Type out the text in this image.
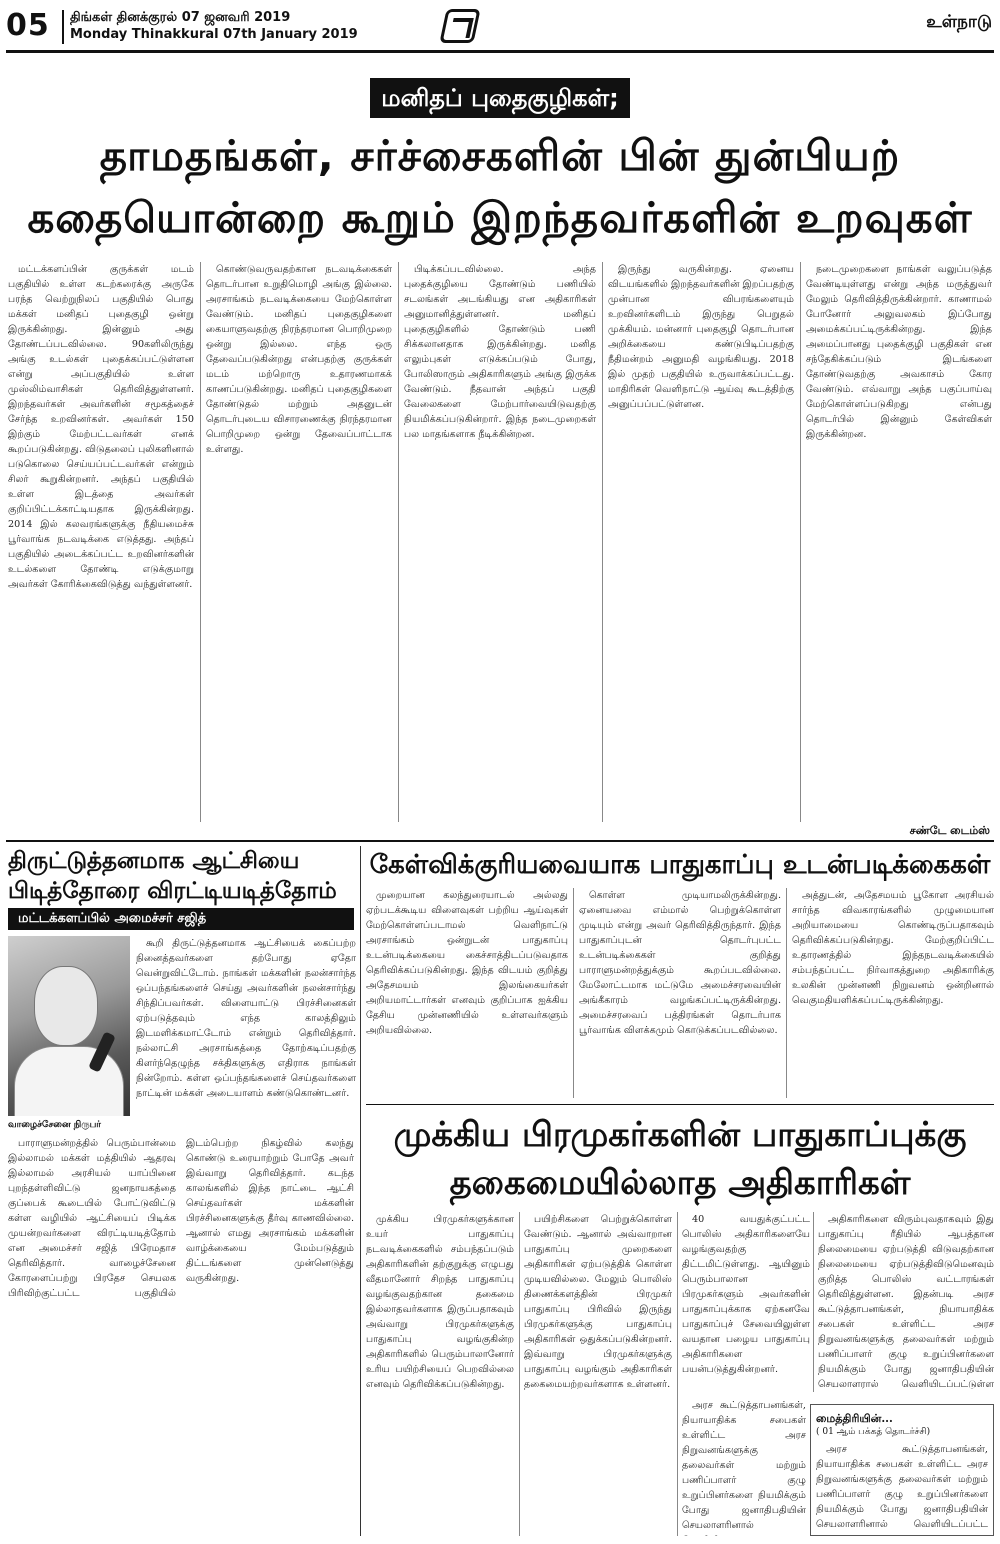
05 திங்கள் தினக்குரல் 07 ஜனவரி 2019
Monday Thinakkural 07th January 2019
உள்நாடு
மனிதப் புதைகுழிகள்;
தாமதங்கள், சர்ச்சைகளின் பின் துன்பியற்
கதையொன்றை கூறும் இறந்தவர்களின் உறவுகள்

மட்டக்களப்பின் குருக்கள் மடம் பகுதியில் உள்ள கடற்கரைக்கு அருகே பரந்த வெற்றுநிலப் பகுதியில் பொது மக்கள் மனிதப் புதைகுழி ஒன்று இருக்கின்றது. இன்னும் அது தோண்டப்படவில்லை. 90களிலிருந்து அங்கு உடல்கள் புதைக்கப்பட்டுள்ளன என்று அப்பகுதியில் உள்ள முஸ்லிம்வாசிகள் தெரிவித்துள்ளனர். இறந்தவர்கள் அவர்களின் சமூகத்தைச் சேர்ந்த உறவினர்கள். அவர்கள் 150 இற்கும் மேற்பட்டவர்கள் எனக் கூறப்படுகின்றது. விடுதலைப் புலிகளினால் படுகொலை செய்யப்பட்டவர்கள் என்றும் சிலர் கூறுகின்றனர். அந்தப் பகுதியில் உள்ள இடத்தை அவர்கள் குறிப்பிட்டக்காட்டியதாக இருக்கின்றது. 2014 இல் கலவரங்களுக்கு நீதியமைச்சு பூர்வாங்க நடவடிக்கை எடுத்தது. அந்தப் பகுதியில் அடைக்கப்பட்ட உறவினர்களின் உடல்களை தோண்டி எடுக்குமாறு அவர்கள் கோரிக்கைவிடுத்து வந்துள்ளனர்.

கொண்டுவருவதற்கான நடவடிக்கைகள் தொடர்பான உறுதிமொழி அங்கு இல்லை. அரசாங்கம் நடவடிக்கையை மேற்கொள்ள வேண்டும். மனிதப் புதைகுழிகளை கையாளுவதற்கு நிரந்தரமான பொறிமுறை ஒன்று இல்லை. எந்த ஒரு தேவைப்படுகின்றது என்பதற்கு குருக்கள் மடம் மற்றொரு உதாரணமாகக் காணப்படுகின்றது. மனிதப் புதைகுழிகளை தோண்டுதல் மற்றும் அதனுடன் தொடர்புடைய விசாரணைக்கு நிரந்தரமான பொறிமுறை ஒன்று தேவைப்பாட்டாக உள்ளது.

பிடிக்கப்படவில்லை. அந்த புதைக்குழியை தோண்டும் பணியில் சடலங்கள் அடங்கியது என அதிகாரிகள் அனுமானித்துள்ளனர். மனிதப் புதைகுழிகளில் தோண்டும் பணி சிக்கலானதாக இருக்கின்றது. மனித எலும்புகள் எடுக்கப்படும் போது, போலிஸாரும் அதிகாரிகளும் அங்கு இருக்க வேண்டும். நீதவான் அந்தப் பகுதி வேலைகளை மேற்பார்வையிடுவதற்கு நியமிக்கப்படுகின்றார். இந்த நடைமுறைகள் பல மாதங்களாக நீடிக்கின்றன.

இருந்து வருகின்றது. ஏனைய விடயங்களில் இறந்தவர்களின் இறப்பதற்கு முன்பான விபரங்களையும் உறவினர்களிடம் இருந்து பெறுதல் முக்கியம். மன்னார் புதைகுழி தொடர்பான அறிக்கையை கண்டுபிடிப்பதற்கு நீதிமன்றம் அனுமதி வழங்கியது. 2018 இல் முதற் பகுதியில் உருவாக்கப்பட்டது. மாதிரிகள் வெளிநாட்டு ஆய்வு கூடத்திற்கு அனுப்பப்பட்டுள்ளன.

நடைமுறைகளை நாங்கள் வலுப்படுத்த வேண்டியுள்ளது என்று அந்த மருத்துவர் மேலும் தெரிவித்திருக்கின்றார். காணாமல் போனோர் அலுவலகம் இப்போது அமைக்கப்பட்டிருக்கின்றது. இந்த அமைப்பானது புதைக்குழி பகுதிகள் என சந்தேகிக்கப்படும் இடங்களை தோண்டுவதற்கு அவகாசம் கோர வேண்டும். எவ்வாறு அந்த பகுப்பாய்வு மேற்கொள்ளப்படுகிறது என்பது தொடர்பில் இன்னும் கேள்விகள் இருக்கின்றன.

சண்டே டைம்ஸ்
திருட்டுத்தனமாக ஆட்சியை
பிடித்தோரை விரட்டியடித்தோம்
மட்டக்களப்பில் அமைச்சர் சஜித்
வாழைச்சேனை நிருபர்

கூறி திருட்டுத்தனமாக ஆட்சியைக் கைப்பற்ற நினைத்தவர்களை தற்போது ஏதோ வென்றுவிட்டோம். நாங்கள் மக்களின் நலன்சார்ந்த ஒப்பந்தங்களைச் செய்து அவர்களின் நலன்சார்ந்து சிந்திப்பவர்கள். விளையாட்டு பிரச்சினைகள் ஏற்படுத்தவும் எந்த காலத்திலும் இடமளிக்கமாட்டோம் என்றும் தெரிவித்தார். நல்லாட்சி அரசாங்கத்தை தோற்கடிப்பதற்கு கிளர்ந்தெழுந்த சக்திகளுக்கு எதிராக நாங்கள் நின்றோம். கள்ள ஒப்பந்தங்களைச் செய்தவர்களை நாட்டின் மக்கள் அடையாளம் கண்டுகொண்டனர்.

பாராளுமன்றத்தில் பெரும்பான்மை இல்லாமல் மக்கள் மத்தியில் ஆதரவு இல்லாமல் அரசியல் யாப்பினை புறந்தள்ளிவிட்டு ஜனநாயகத்தை குப்பைக் கூடையில் போட்டுவிட்டு கள்ள வழியில் ஆட்சியைப் பிடிக்க முயன்றவர்களை விரட்டியடித்தோம் என அமைச்சர் சஜித் பிரேமதாச தெரிவித்தார். வாழைச்சேனை கோரளைப்பற்று பிரதேச செயலக பிரிவிற்குட்பட்ட பகுதியில் இடம்பெற்ற நிகழ்வில் கலந்து கொண்டு உரையாற்றும் போதே அவர் இவ்வாறு தெரிவித்தார். கடந்த காலங்களில் இந்த நாட்டை ஆட்சி செய்தவர்கள் மக்களின் பிரச்சினைகளுக்கு தீர்வு காணவில்லை. ஆனால் எமது அரசாங்கம் மக்களின் வாழ்க்கையை மேம்படுத்தும் திட்டங்களை முன்னெடுத்து வருகின்றது.

கேள்விக்குரியவையாக பாதுகாப்பு உடன்படிக்கைகள்

முறையான கலந்துரையாடல் அல்லது ஏற்படக்கூடிய விளைவுகள் பற்றிய ஆய்வுகள் மேற்கொள்ளப்படாமல் வெளிநாட்டு அரசாங்கம் ஒன்றுடன் பாதுகாப்பு உடன்படிக்கையை கைச்சாத்திடப்படுவதாக தெரிவிக்கப்படுகின்றது. இந்த விடயம் குறித்து அதேசமயம் இலங்கையர்கள் அறியமாட்டார்கள் எனவும் குறிப்பாக ஐக்கிய தேசிய முன்னணியில் உள்ளவர்களும் அறியவில்லை.

கொள்ள முடியாமலிருக்கின்றது. ஏனையவை எம்மால் பெற்றுக்கொள்ள முடியும் என்று அவர் தெரிவித்திருந்தார். இந்த பாதுகாப்புடன் தொடர்புபட்ட உடன்படிக்கைகள் குறித்து பாராளுமன்றத்துக்கும் கூறப்படவில்லை. மேலோட்டமாக மட்டுமே அமைச்சரவையின் அங்கீகாரம் வழங்கப்பட்டிருக்கின்றது. அமைச்சரவைப் பத்திரங்கள் தொடர்பாக பூர்வாங்க விளக்கமும் கொடுக்கப்படவில்லை.

அத்துடன், அதேசமயம் பூகோள அரசியல் சார்ந்த விவகாரங்களில் முழுமையான அறியாமையை கொண்டிருப்பதாகவும் தெரிவிக்கப்படுகின்றது. மேற்குறிப்பிட்ட உதாரணத்தில் இந்தநடவடிக்கையில் சம்பந்தப்பட்ட நிர்வாகத்துறை அதிகாரிக்கு உலகின் முன்னணி நிறுவனம் ஒன்றினால் வெகுமதியளிக்கப்பட்டிருக்கின்றது.

முக்கிய பிரமுகர்களின் பாதுகாப்புக்கு
தகைமையில்லாத அதிகாரிகள்

முக்கிய பிரமுகர்களுக்கான உயர் பாதுகாப்பு நடவடிக்கைகளில் சம்பந்தப்படும் அதிகாரிகளின் தற்குறுக்கு எழுபது வீதமானோர் சிறந்த பாதுகாப்பு வழங்குவதற்கான தகைமை இல்லாதவர்களாக இருப்பதாகவும் அவ்வாறு பிரமுகர்களுக்கு பாதுகாப்பு வழங்குகின்ற அதிகாரிகளில் பெரும்பாலானோர் உரிய பயிற்சியைப் பெறவில்லை எனவும் தெரிவிக்கப்படுகின்றது.

பயிற்சிகளை பெற்றுக்கொள்ள வேண்டும். ஆனால் அவ்வாறான பாதுகாப்பு முறைகளை அதிகாரிகள் ஏற்படுத்திக் கொள்ள முடியவில்லை. மேலும் பொலிஸ் திணைக்களத்தின் பிரமுகர் பாதுகாப்பு பிரிவில் இருந்து பிரமுகர்களுக்கு பாதுகாப்பு அதிகாரிகள் ஒதுக்கப்படுகின்றனர். இவ்வாறு பிரமுகர்களுக்கு பாதுகாப்பு வழங்கும் அதிகாரிகள் தகைமையற்றவர்களாக உள்ளனர்.

40 வயதுக்குட்பட்ட பொலிஸ் அதிகாரிகளையே வழங்குவதற்கு திட்டமிட்டுள்ளது. ஆயினும் பெரும்பாலான பிரமுகர்களும் அவர்களின் பாதுகாப்புக்காக ஏற்கனவே பாதுகாப்புச் சேவையிலுள்ள வயதான பழைய பாதுகாப்பு அதிகாரிகளை பயன்படுத்துகின்றனர்.

அதிகாரிகளை விரும்புவதாகவும் இது பாதுகாப்பு ரீதியில் ஆபத்தான நிலைமையை ஏற்படுத்தி விடுவதற்கான நிலைமையை ஏற்படுத்திவிடுமெனவும் குறித்த பொலிஸ் வட்டாரங்கள் தெரிவித்துள்ளன. இதன்படி அரச கூட்டுத்தாபனங்கள், நியாயாதிக்க சபைகள் உள்ளிட்ட அரச நிறுவனங்களுக்கு தலைவர்கள் மற்றும் பணிப்பாளர் குழு உறுப்பினர்களை நியமிக்கும் போது ஜனாதிபதியின் செயலாளரால் வெளியிடப்பட்டுள்ள

மைத்திரியின்...
( 01 ஆம் பக்கத் தொடர்ச்சி)

அரச கூட்டுத்தாபனங்கள், நியாயாதிக்க சபைகள் உள்ளிட்ட அரச நிறுவனங்களுக்கு தலைவர்கள் மற்றும் பணிப்பாளர் குழு உறுப்பினர்களை நியமிக்கும் போது ஜனாதிபதியின் செயலாளரினால் வெளியிடப்பட்ட

அரச கூட்டுத்தாபனங்கள், நியாயாதிக்க சபைகள் உள்ளிட்ட அரச நிறுவனங்களுக்கு தலைவர்கள் மற்றும் பணிப்பாளர் குழு உறுப்பினர்களை நியமிக்கும் போது ஜனாதிபதியின் செயலாளரினால்
